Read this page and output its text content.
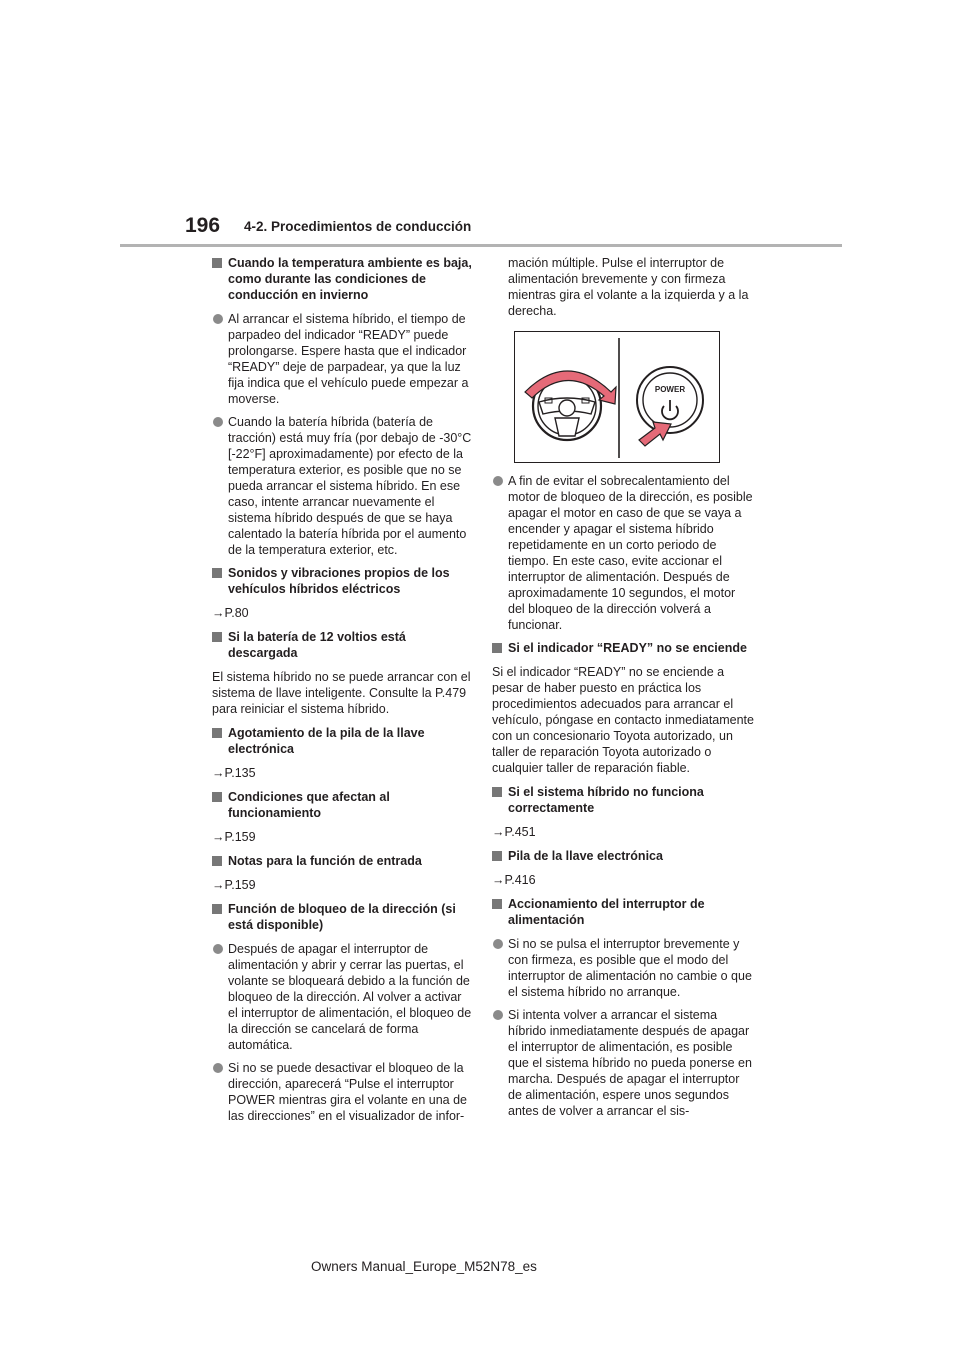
196 4-2. Procedimientos de conducción
Cuando la temperatura ambiente es baja, como durante las condiciones de conducción en invierno
Al arrancar el sistema híbrido, el tiempo de parpadeo del indicador “READY” puede prolongarse. Espere hasta que el indicador “READY” deje de parpadear, ya que la luz fija indica que el vehículo puede empezar a moverse.
Cuando la batería híbrida (batería de tracción) está muy fría (por debajo de -30°C [-22°F] aproximadamente) por efecto de la temperatura exterior, es posible que no se pueda arrancar el sistema híbrido. En ese caso, intente arrancar nuevamente el sistema híbrido después de que se haya calentado la batería híbrida por el aumento de la temperatura exterior, etc.
Sonidos y vibraciones propios de los vehículos híbridos eléctricos
→P.80
Si la batería de 12 voltios está descargada
El sistema híbrido no se puede arrancar con el sistema de llave inteligente. Consulte la P.479 para reiniciar el sistema híbrido.
Agotamiento de la pila de la llave electrónica
→P.135
Condiciones que afectan al funcionamiento
→P.159
Notas para la función de entrada
→P.159
Función de bloqueo de la dirección (si está disponible)
Después de apagar el interruptor de alimentación y abrir y cerrar las puertas, el volante se bloqueará debido a la función de bloqueo de la dirección. Al volver a activar el interruptor de alimentación, el bloqueo de la dirección se cancelará de forma automática.
Si no se puede desactivar el bloqueo de la dirección, aparecerá “Pulse el interruptor POWER mientras gira el volante en una de las direcciones” en el visualizador de infor-
mación múltiple. Pulse el interruptor de alimentación brevemente y con firmeza mientras gira el volante a la izquierda y a la derecha.
POWER
A fin de evitar el sobrecalentamiento del motor de bloqueo de la dirección, es posible apagar el motor en caso de que se vaya a encender y apagar el sistema híbrido repetidamente en un corto periodo de tiempo. En este caso, evite accionar el interruptor de alimentación. Después de aproximadamente 10 segundos, el motor del bloqueo de la dirección volverá a funcionar.
Si el indicador “READY” no se enciende
Si el indicador “READY” no se enciende a pesar de haber puesto en práctica los procedimientos adecuados para arrancar el vehículo, póngase en contacto inmediatamente con un concesionario Toyota autorizado, un taller de reparación Toyota autorizado o cualquier taller de reparación fiable.
Si el sistema híbrido no funciona correctamente
→P.451
Pila de la llave electrónica
→P.416
Accionamiento del interruptor de alimentación
Si no se pulsa el interruptor brevemente y con firmeza, es posible que el modo del interruptor de alimentación no cambie o que el sistema híbrido no arranque.
Si intenta volver a arrancar el sistema híbrido inmediatamente después de apagar el interruptor de alimentación, es posible que el sistema híbrido no pueda ponerse en marcha. Después de apagar el interruptor de alimentación, espere unos segundos antes de volver a arrancar el sis-
Owners Manual_Europe_M52N78_es
